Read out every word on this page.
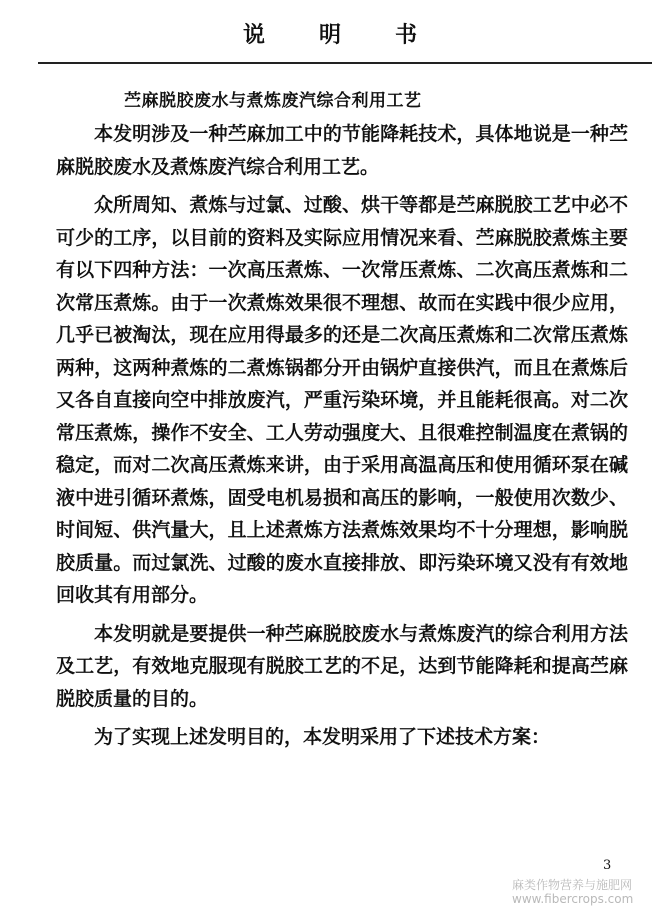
说明书
苎麻脱胶废水与煮炼废汽综合利用工艺

本发明涉及一种苎麻加工中的节能降耗技术，具体地说是一种苎麻脱胶废水及煮炼废汽综合利用工艺。

众所周知、煮炼与过氯、过酸、烘干等都是苎麻脱胶工艺中必不可少的工序，以目前的资料及实际应用情况来看、苎麻脱胶煮炼主要有以下四种方法：一次高压煮炼、一次常压煮炼、二次高压煮炼和二次常压煮炼。由于一次煮炼效果很不理想、故而在实践中很少应用，几乎已被淘汰，现在应用得最多的还是二次高压煮炼和二次常压煮炼两种，这两种煮炼的二煮炼锅都分开由锅炉直接供汽，而且在煮炼后又各自直接向空中排放废汽，严重污染环境，并且能耗很高。对二次常压煮炼，操作不安全、工人劳动强度大、且很难控制温度在煮锅的稳定，而对二次高压煮炼来讲，由于采用高温高压和使用循环泵在碱液中进引循环煮炼，固受电机易损和高压的影响，一般使用次数少、时间短、供汽量大，且上述煮炼方法煮炼效果均不十分理想，影响脱胶质量。而过氯洗、过酸的废水直接排放、即污染环境又没有有效地回收其有用部分。

本发明就是要提供一种苎麻脱胶废水与煮炼废汽的综合利用方法及工艺，有效地克服现有脱胶工艺的不足，达到节能降耗和提高苎麻脱胶质量的目的。

为了实现上述发明目的，本发明采用了下述技术方案：

3
麻类作物营养与施肥网
www.fibercrops.com
